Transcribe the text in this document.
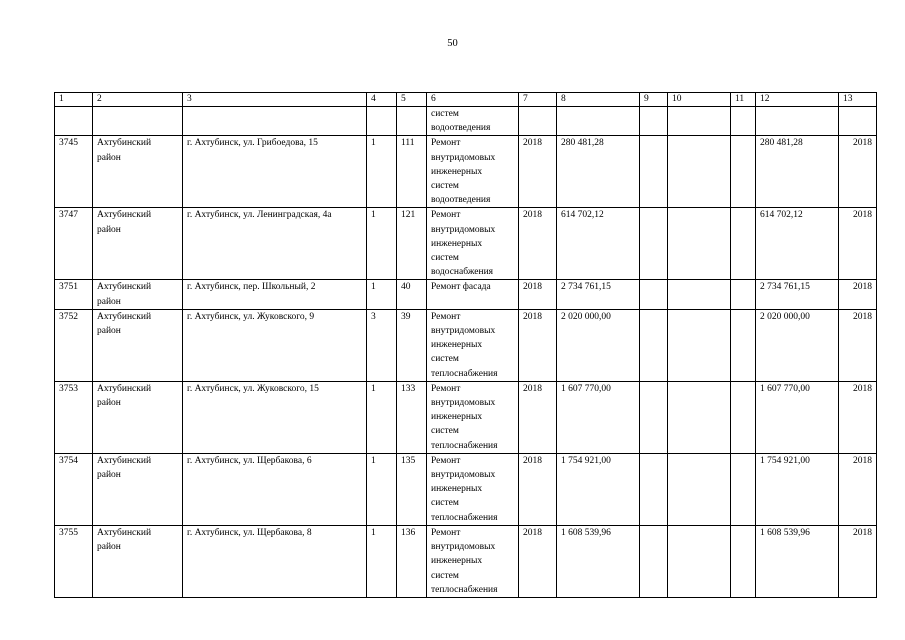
50
1	2	3	4	5	6	7	8	9	10	11	12	13

					систем
водоотведения							

3745	Ахтубинский
район	г. Ахтубинск, ул. Грибоедова, 15	1	111	Ремонт
внутридомовых
инженерных
систем
водоотведения	2018	280 481,28				280 481,28	2018
3747	Ахтубинский
район	г. Ахтубинск, ул. Ленинградская, 4а	1	121	Ремонт
внутридомовых
инженерных
систем
водоснабжения	2018	614 702,12				614 702,12	2018
3751	Ахтубинский
район	г. Ахтубинск, пер. Школьный, 2	1	40	Ремонт фасада	2018	2 734 761,15				2 734 761,15	2018
3752	Ахтубинский
район	г. Ахтубинск, ул. Жуковского, 9	3	39	Ремонт
внутридомовых
инженерных
систем
теплоснабжения	2018	2 020 000,00				2 020 000,00	2018
3753	Ахтубинский
район	г. Ахтубинск, ул. Жуковского, 15	1	133	Ремонт
внутридомовых
инженерных
систем
теплоснабжения	2018	1 607 770,00				1 607 770,00	2018
3754	Ахтубинский
район	г. Ахтубинск, ул. Щербакова, 6	1	135	Ремонт
внутридомовых
инженерных
систем
теплоснабжения	2018	1 754 921,00				1 754 921,00	2018
3755	Ахтубинский
район	г. Ахтубинск, ул. Щербакова, 8	1	136	Ремонт
внутридомовых
инженерных
систем
теплоснабжения	2018	1 608 539,96				1 608 539,96	2018
